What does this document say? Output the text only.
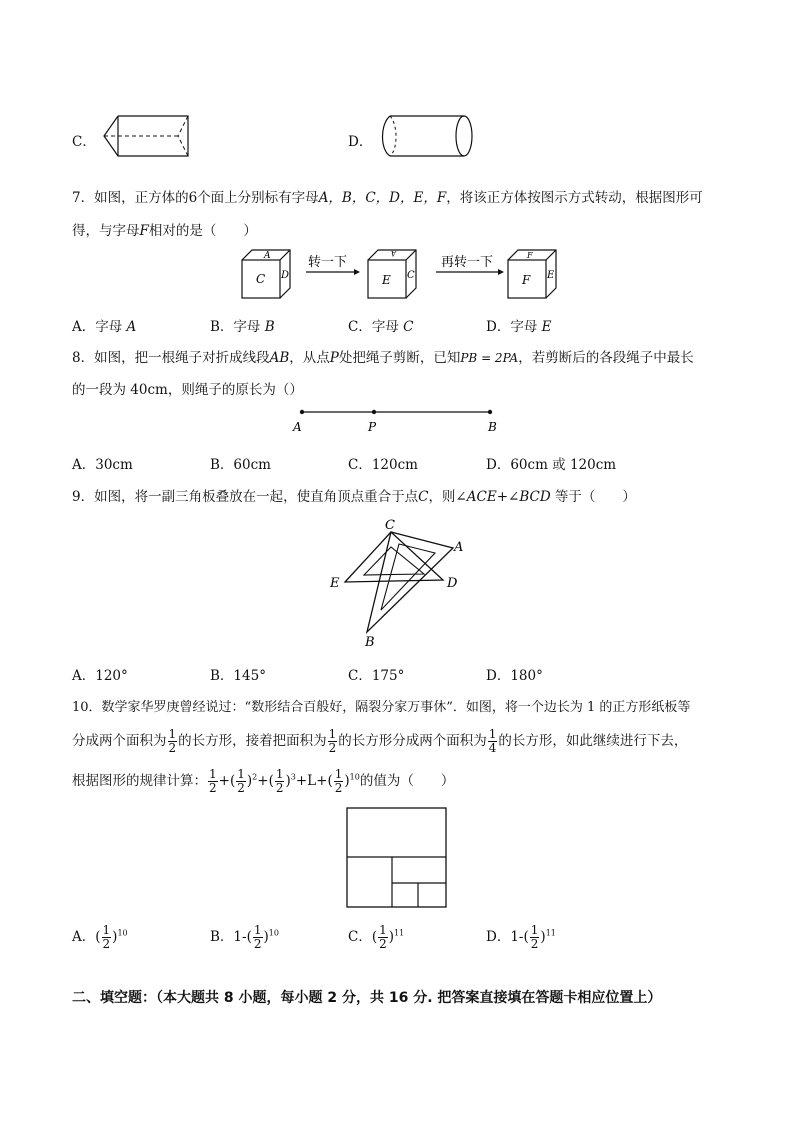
C．	D．
7．如图，正方体的6个面上分别标有字母A，B，C，D，E，F，将该正方体按图示方式转动，根据图形可
得，与字母F相对的是（　　）
C
A
D
转一下
E
A
C
再转一下
F
F
E
A．字母 A	B．字母 B	C．字母 C	D．字母 E
8．如图，把一根绳子对折成线段AB，从点P处把绳子剪断，已知PB = 2PA，若剪断后的各段绳子中最长
的一段为 40cm，则绳子的原长为（）
A	P	B
A．30cm	B．60cm	C．120cm	D．60cm 或 120cm
9．如图，将一副三角板叠放在一起，使直角顶点重合于点C，则∠ACE+∠BCD 等于（　　）
C
A
E	D
B
A．120°	B．145°	C．175°	D．180°
10．数学家华罗庚曾经说过：“数形结合百般好，隔裂分家万事休”．如图，将一个边长为 1 的正方形纸板等
分成两个面积为 $\frac{1}{2}$ 的长方形，接着把面积为 $\frac{1}{2}$ 的长方形分成两个面积为 $\frac{1}{4}$ 的长方形，如此继续进行下去，
根据图形的规律计算： $\frac{1}{2}$ +( $\frac{1}{2} )^2+( \frac{1}{2} )^3+L+( \frac{1}{2} )^{10}$的值为（　　）
A．( $\frac{1}{2} )^{10}$	B．$1-( \frac{1}{2} )^{10}$	C．( $\frac{1}{2} )^{11}$	D．$1-( \frac{1}{2} )^{11}$
二、填空题：（本大题共 8 小题，每小题 2 分，共 16 分. 把答案直接填在答题卡相应位置上）
